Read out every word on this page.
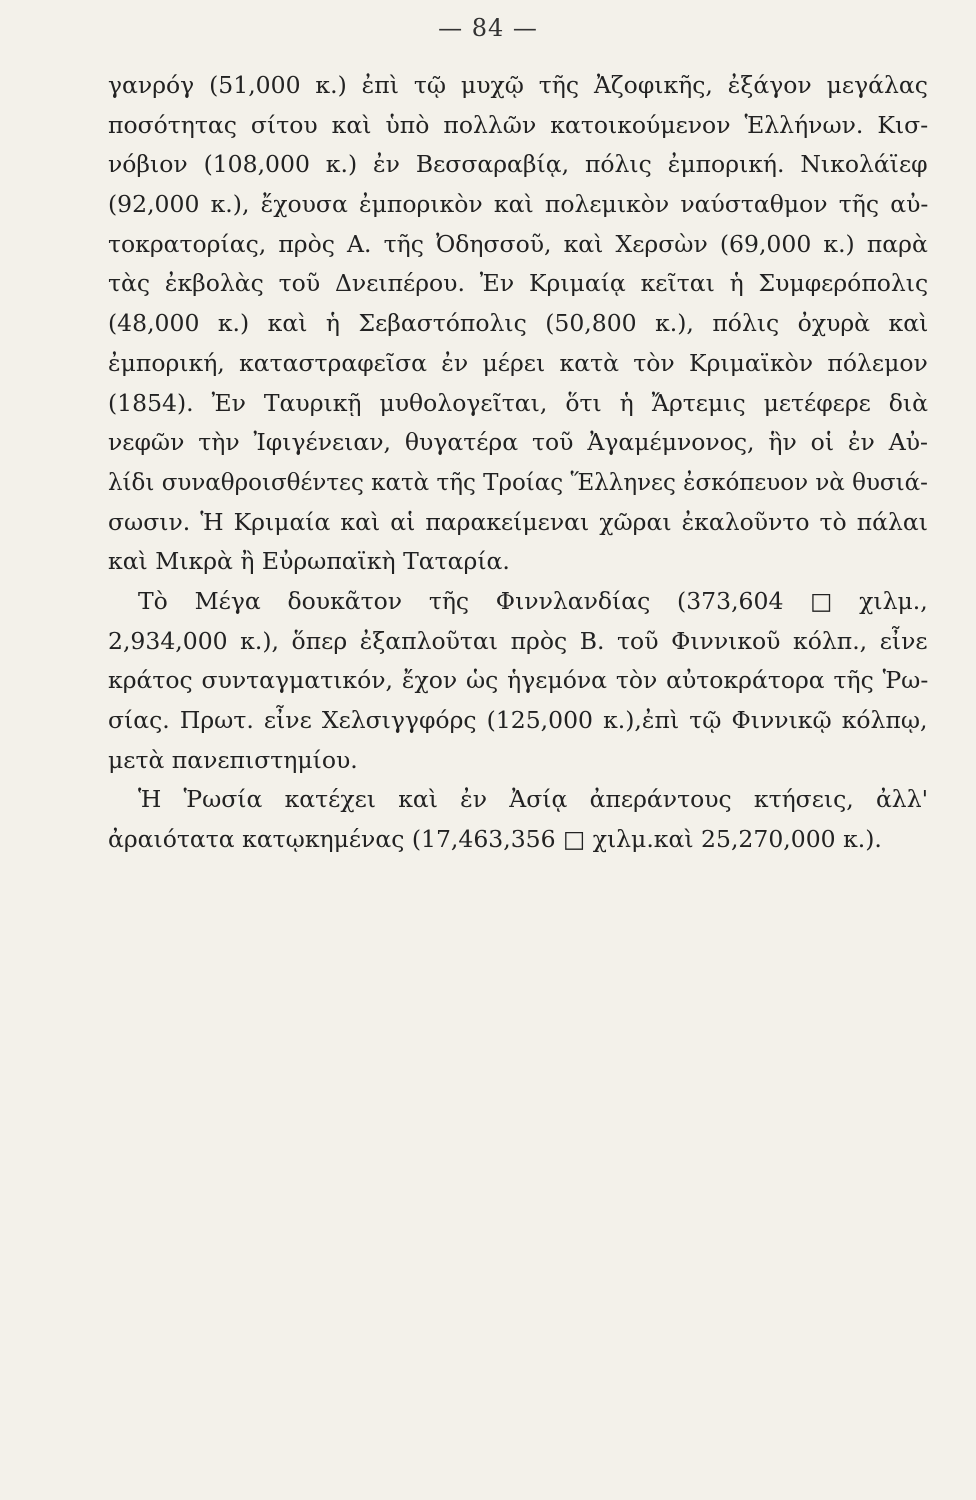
— 84 —
γανρόγ (51,000 κ.) ἐπὶ τῷ μυχῷ τῆς Ἀζοφικῆς, ἐξάγον μεγάλας
ποσότητας σίτου καὶ ὑπὸ πολλῶν κατοικούμενον Ἑλλήνων. Κισ-
νόβιον (108,000 κ.) ἐν Βεσσαραβίᾳ, πόλις ἐμπορική. Νικολάϊεφ
(92,000 κ.), ἔχουσα ἐμπορικὸν καὶ πολεμικὸν ναύσταθμον τῆς αὐ-
τοκρατορίας, πρὸς Α. τῆς Ὀδησσοῦ, καὶ Χερσὼν (69,000 κ.) παρὰ
τὰς ἐκβολὰς τοῦ Δνειπέρου. Ἐν Κριμαίᾳ κεῖται ἡ Συμφερόπολις
(48,000 κ.) καὶ ἡ Σεβαστόπολις (50,800 κ.), πόλις ὀχυρὰ καὶ
ἐμπορική, καταστραφεῖσα ἐν μέρει κατὰ τὸν Κριμαϊκὸν πόλεμον
(1854). Ἐν Ταυρικῇ μυθολογεῖται, ὅτι ἡ Ἄρτεμις μετέφερε διὰ
νεφῶν τὴν Ἰφιγένειαν, θυγατέρα τοῦ Ἀγαμέμνονος, ἣν οἱ ἐν Αὐ-
λίδι συναθροισθέντες κατὰ τῆς Τροίας Ἕλληνες ἐσκόπευον νὰ θυσιά-
σωσιν. Ἡ Κριμαία καὶ αἱ παρακείμεναι χῶραι ἐκαλοῦντο τὸ πάλαι
καὶ Μικρὰ ἢ Εὐρωπαϊκὴ Ταταρία.
Τὸ Μέγα δουκᾶτον τῆς Φιννλανδίας (373,604 □ χιλμ.,
2,934,000 κ.), ὅπερ ἐξαπλοῦται πρὸς Β. τοῦ Φιννικοῦ κόλπ., εἶνε
κράτος συνταγματικόν, ἔχον ὡς ἡγεμόνα τὸν αὐτοκράτορα τῆς Ῥω-
σίας. Πρωτ. εἶνε Χελσιγγφόρς (125,000 κ.),ἐπὶ τῷ Φιννικῷ κόλπῳ,
μετὰ πανεπιστημίου.
Ἡ Ῥωσία κατέχει καὶ ἐν Ἀσίᾳ ἀπεράντους κτήσεις, ἀλλ'
ἀραιότατα κατῳκημένας (17,463,356 □ χιλμ.καὶ 25,270,000 κ.).
